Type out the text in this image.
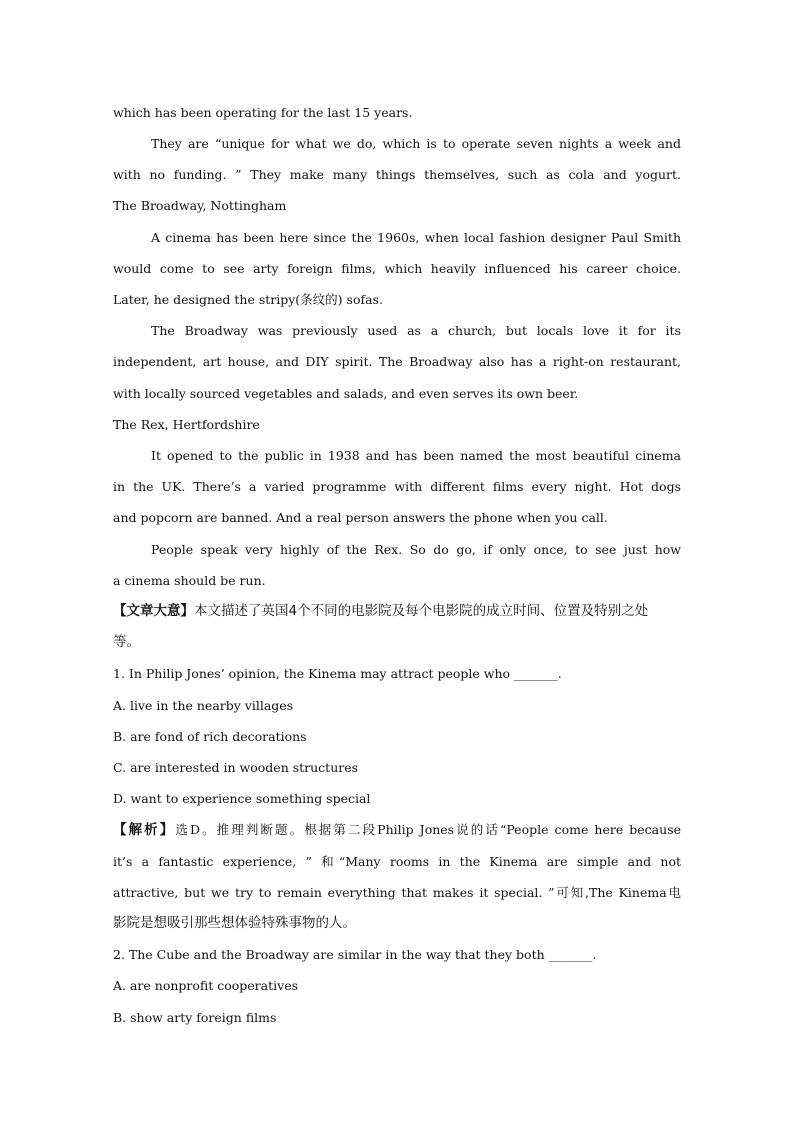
which has been operating for the last 15 years.
They are “unique for what we do, which is to operate seven nights a week and
with no funding. ” They make many things themselves, such as cola and yogurt.
The Broadway, Nottingham
A cinema has been here since the 1960s, when local fashion designer Paul Smith
would come to see arty foreign films, which heavily influenced his career choice.
Later, he designed the stripy(条纹的) sofas.
The Broadway was previously used as a church, but locals love it for its
independent, art house, and DIY spirit. The Broadway also has a right-on restaurant,
with locally sourced vegetables and salads, and even serves its own beer.
The Rex, Hertfordshire
It opened to the public in 1938 and has been named the most beautiful cinema
in the UK. There’s a varied programme with different films every night. Hot dogs
and popcorn are banned. And a real person answers the phone when you call.
People speak very highly of the Rex. So do go, if only once, to see just how
a cinema should be run.
【文章大意】本文描述了英国4个不同的电影院及每个电影院的成立时间、位置及特别之处
等。
1. In Philip Jones’ opinion, the Kinema may attract people who _______.
A. live in the nearby villages
B. are fond of rich decorations
C. are interested in wooden structures
D. want to experience something special
【解析】选D。推理判断题。根据第二段Philip Jones说的话“People come here because
it’s a fantastic experience, ” 和“Many rooms in the Kinema are simple and not
attractive, but we try to remain everything that makes it special. ”可知,The Kinema电
影院是想吸引那些想体验特殊事物的人。
2. The Cube and the Broadway are similar in the way that they both _______.
A. are nonprofit cooperatives
B. show arty foreign films
